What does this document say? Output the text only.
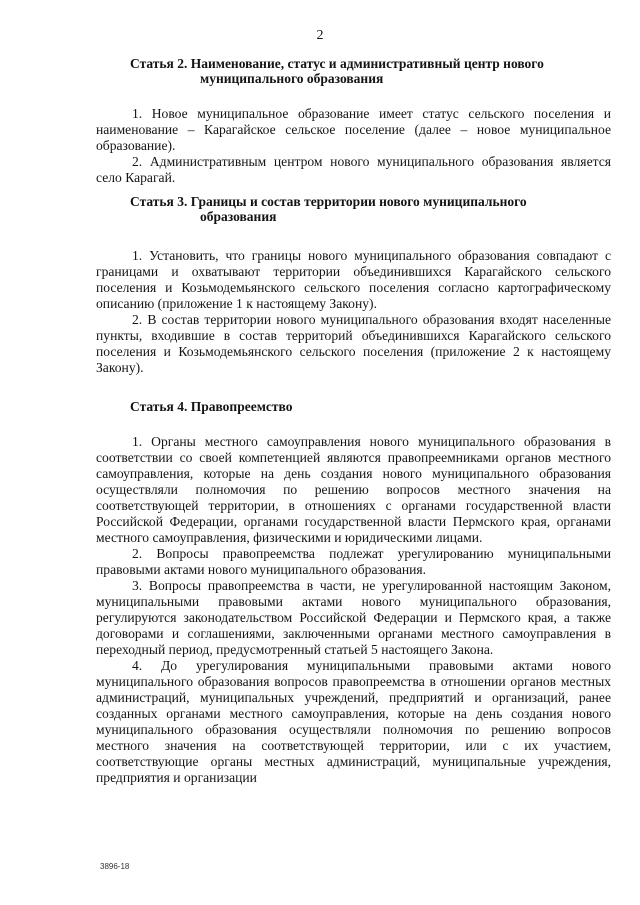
2
Статья 2. Наименование, статус и административный центр нового
муниципального образования

1. Новое муниципальное образование имеет статус сельского поселения и наименование – Карагайское сельское поселение (далее – новое муниципальное образование).

2. Административным центром нового муниципального образования является село Карагай.

Статья 3. Границы и состав территории нового муниципального
образования

1. Установить, что границы нового муниципального образования совпадают с границами и охватывают территории объединившихся Карагайского сельского поселения и Козьмодемьянского сельского поселения согласно картографическому описанию (приложение 1 к настоящему Закону).

2. В состав территории нового муниципального образования входят населенные пункты, входившие в состав территорий объединившихся Карагайского сельского поселения и Козьмодемьянского сельского поселения (приложение 2 к настоящему Закону).

Статья 4. Правопреемство

1. Органы местного самоуправления нового муниципального образования в соответствии со своей компетенцией являются правопреемниками органов местного самоуправления, которые на день создания нового муниципального образования осуществляли полномочия по решению вопросов местного значения на соответствующей территории, в отношениях с органами государственной власти Российской Федерации, органами государственной власти Пермского края, органами местного самоуправления, физическими и юридическими лицами.

2. Вопросы правопреемства подлежат урегулированию муниципальными правовыми актами нового муниципального образования.

3. Вопросы правопреемства в части, не урегулированной настоящим Законом, муниципальными правовыми актами нового муниципального образования, регулируются законодательством Российской Федерации и Пермского края, а также договорами и соглашениями, заключенными органами местного самоуправления в переходный период, предусмотренный статьей 5 настоящего Закона.

4. До урегулирования муниципальными правовыми актами нового муниципального образования вопросов правопреемства в отношении органов местных администраций, муниципальных учреждений, предприятий и организаций, ранее созданных органами местного самоуправления, которые на день создания нового муниципального образования осуществляли полномочия по решению вопросов местного значения на соответствующей территории, или с их участием, соответствующие органы местных администраций, муниципальные учреждения, предприятия и организации

3896-18
